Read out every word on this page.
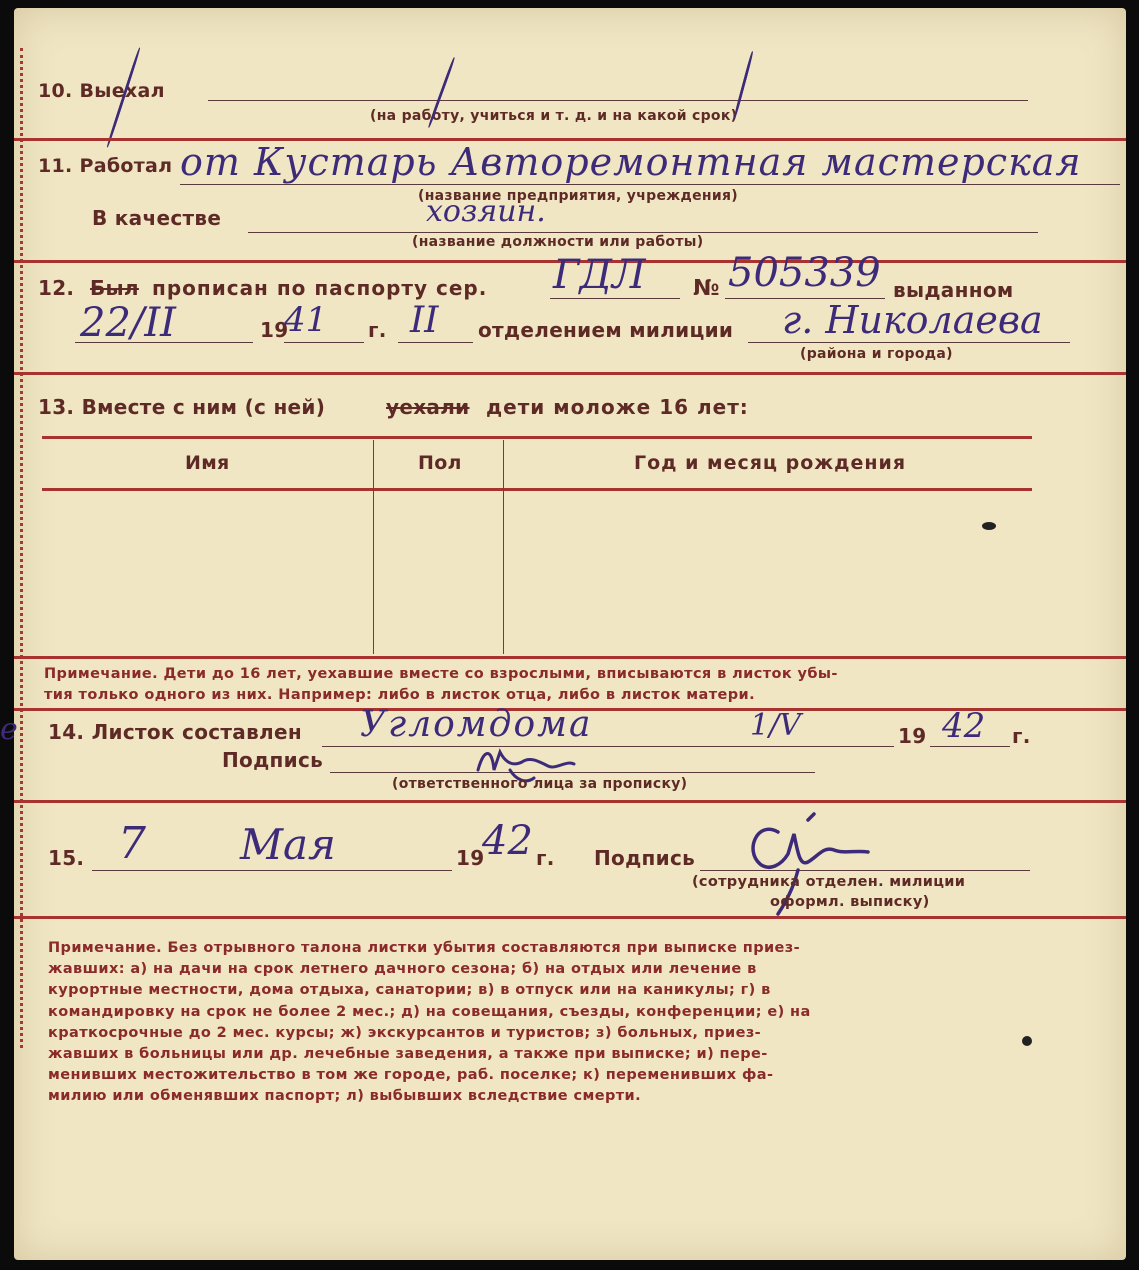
е
10. Выехал
(на работу, учиться и т. д. и на какой срок)
11. Работал от Кустарь Авторемонтная мастерская
(название предприятия, учреждения)
В качестве	хозяин.
(название должности или работы)
12. Был прописан по паспорту сер. ГДЛ № 505339 выданном
22/II	19
41 г. II отделением милиции г. Николаева
(района и города)
13. Вместе с ним (с ней)	уехали дети моложе 16 лет:
Имя	Пол	Год и месяц рождения

Примечание. Дети до 16 лет, уехавшие вместе со взрослыми, вписываются в листок убы-

тия только одного из них. Например: либо в листок отца, либо в листок матери.

14. Листок составлен Угломдома	1/V	19 42 г.
Подпись
(ответственного лица за прописку)
15. 7 Мая	19
42 г. Подпись
(сотрудника отделен. милиции
оформл. выписку)

Примечание. Без отрывного талона листки убытия составляются при выписке приез-

жавших: а) на дачи на срок летнего дачного сезона; б) на отдых или лечение в

курортные местности, дома отдыха, санатории; в) в отпуск или на каникулы; г) в

командировку на срок не более 2 мес.; д) на совещания, съезды, конференции; е) на

краткосрочные до 2 мес. курсы; ж) экскурсантов и туристов; з) больных, приез-

жавших в больницы или др. лечебные заведения, а также при выписке; и) пере-

менивших местожительство в том же городе, раб. поселке; к) переменивших фа-

милию или обменявших паспорт; л) выбывших вследствие смерти.
